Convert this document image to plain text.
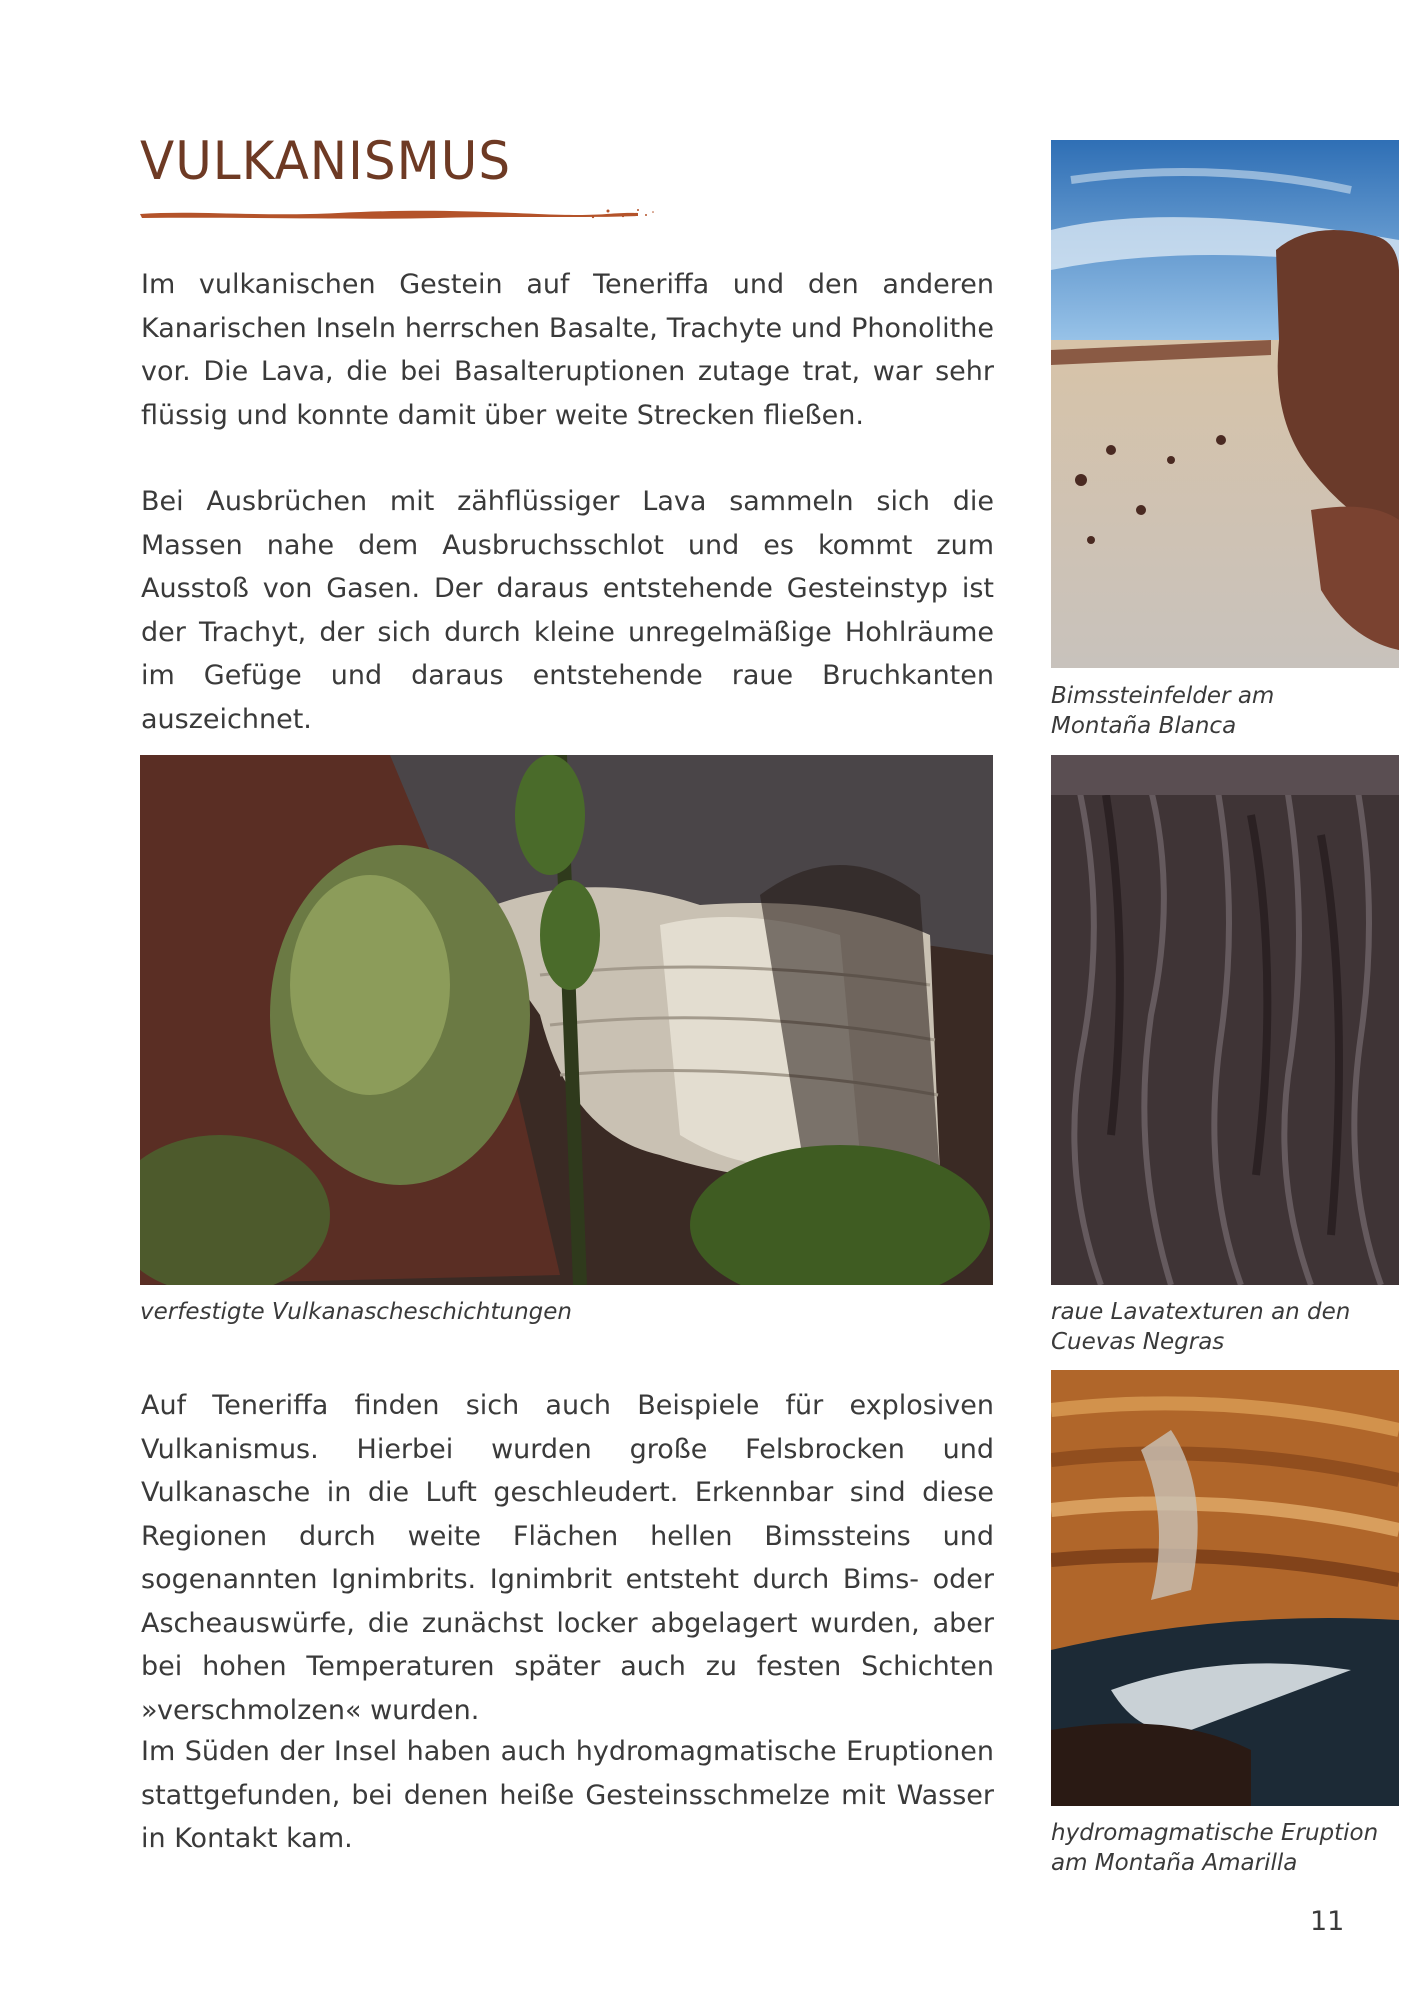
VULKANISMUS

Im vulkanischen Gestein auf Teneriffa und den anderen Kanarischen Inseln herrschen Basalte, Trachyte und Phonolithe vor. Die Lava, die bei Basalteruptionen zutage trat, war sehr flüssig und konnte damit über weite Strecken fließen.

Bei Ausbrüchen mit zähflüssiger Lava sammeln sich die Massen nahe dem Ausbruchsschlot und es kommt zum Ausstoß von Gasen. Der daraus entstehende Gesteinstyp ist der Trachyt, der sich durch kleine unregelmäßige Hohlräume im Gefüge und daraus entstehende raue Bruchkanten auszeichnet.

Auf Teneriffa finden sich auch Beispiele für explosiven Vulkanismus. Hierbei wurden große Felsbrocken und Vulkanasche in die Luft geschleudert. Erkennbar sind diese Regionen durch weite Flächen hellen Bimssteins und sogenannten Ignimbrits. Ignimbrit entsteht durch Bims- oder Ascheauswürfe, die zunächst locker abgelagert wurden, aber bei hohen Temperaturen später auch zu festen Schichten »verschmolzen« wurden.

Im Süden der Insel haben auch hydromagmatische Eruptionen stattgefunden, bei denen heiße Gesteinsschmelze mit Wasser in Kontakt kam.

Bimssteinfelder am

Montaña Blanca

verfestigte Vulkanascheschichtungen	raue Lavatexturen an den

Cuevas Negras

hydromagmatische Eruption

am Montaña Amarilla

11
